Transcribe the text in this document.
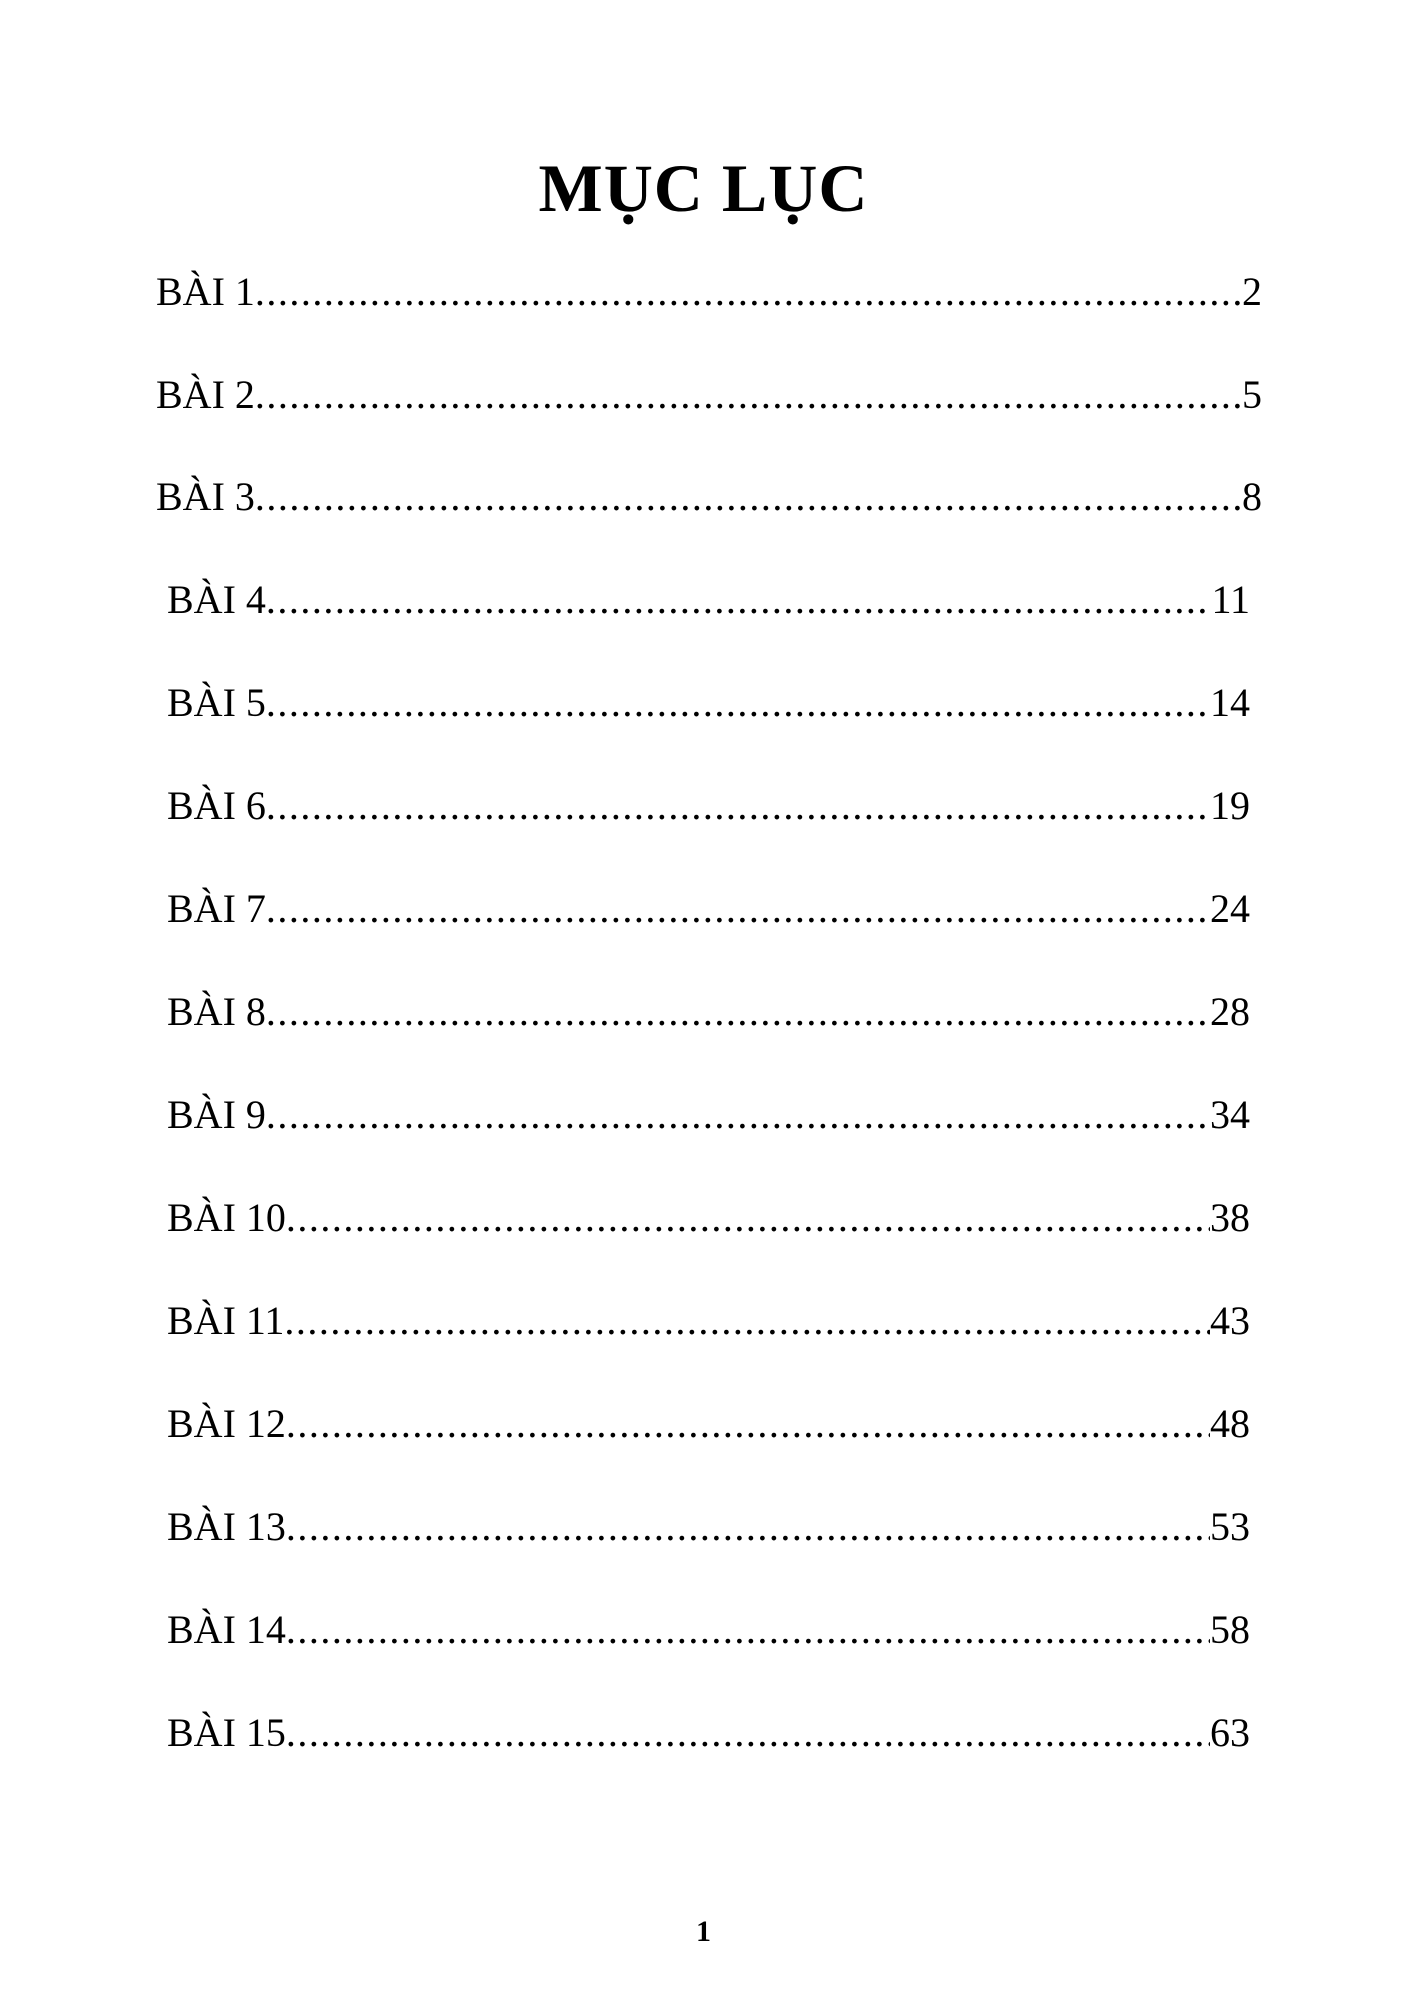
MỤC LỤC
BÀI 1 .....	2
BÀI 2 .....	5
BÀI 3 .....	8
BÀI 4 .....	11
BÀI 5 .....	14
BÀI 6 .....	19
BÀI 7 .....	24
BÀI 8 .....	28
BÀI 9 .....	34
BÀI 10 .....	38
BÀI 11 .....	43
BÀI 12 .....	48
BÀI 13 .....	53
BÀI 14 .....	58
BÀI 15 .....	63
1
